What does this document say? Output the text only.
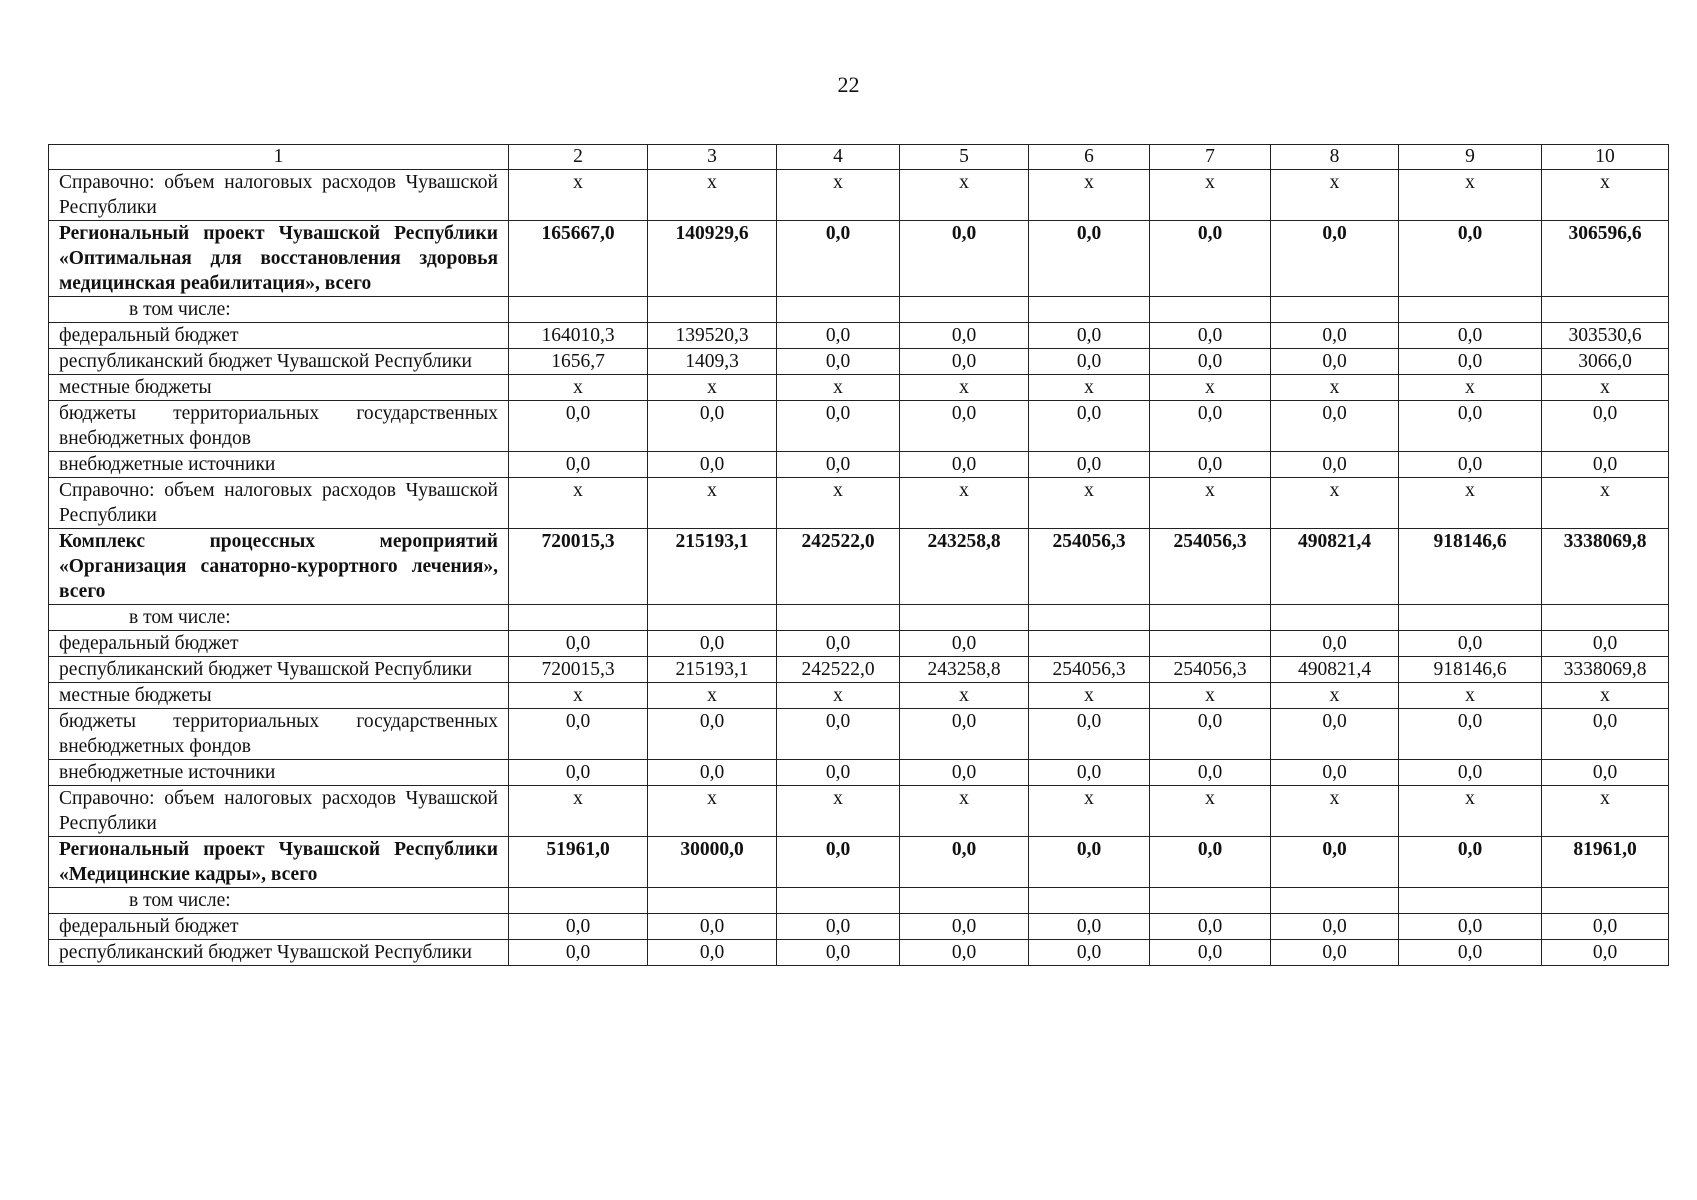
22
1	2	3	4	5	6	7	8	9	10
Справочно: объем налоговых расходов Чувашской Республики	х	х	х	х	х	х	х	х	х
Региональный проект Чувашской Республики «Оптимальная для восстановления здоровья медицинская реабилитация», всего	165667,0	140929,6	0,0	0,0	0,0	0,0	0,0	0,0	306596,6
в том числе:									
федеральный бюджет	164010,3	139520,3	0,0	0,0	0,0	0,0	0,0	0,0	303530,6
республиканский бюджет Чувашской Республики	1656,7	1409,3	0,0	0,0	0,0	0,0	0,0	0,0	3066,0
местные бюджеты	х	х	х	х	х	х	х	х	х
бюджеты территориальных государственных внебюджетных фондов	0,0	0,0	0,0	0,0	0,0	0,0	0,0	0,0	0,0
внебюджетные источники	0,0	0,0	0,0	0,0	0,0	0,0	0,0	0,0	0,0
Справочно: объем налоговых расходов Чувашской Республики	х	х	х	х	х	х	х	х	х
Комплекс процессных мероприятий «Организация санаторно-курортного лечения», всего	720015,3	215193,1	242522,0	243258,8	254056,3	254056,3	490821,4	918146,6	3338069,8
в том числе:									
федеральный бюджет	0,0	0,0	0,0	0,0			0,0	0,0	0,0
республиканский бюджет Чувашской Республики	720015,3	215193,1	242522,0	243258,8	254056,3	254056,3	490821,4	918146,6	3338069,8
местные бюджеты	х	х	х	х	х	х	х	х	х
бюджеты территориальных государственных внебюджетных фондов	0,0	0,0	0,0	0,0	0,0	0,0	0,0	0,0	0,0
внебюджетные источники	0,0	0,0	0,0	0,0	0,0	0,0	0,0	0,0	0,0
Справочно: объем налоговых расходов Чувашской Республики	х	х	х	х	х	х	х	х	х
Региональный проект Чувашской Республики «Медицинские кадры», всего	51961,0	30000,0	0,0	0,0	0,0	0,0	0,0	0,0	81961,0
в том числе:									
федеральный бюджет	0,0	0,0	0,0	0,0	0,0	0,0	0,0	0,0	0,0
республиканский бюджет Чувашской Республики	0,0	0,0	0,0	0,0	0,0	0,0	0,0	0,0	0,0
